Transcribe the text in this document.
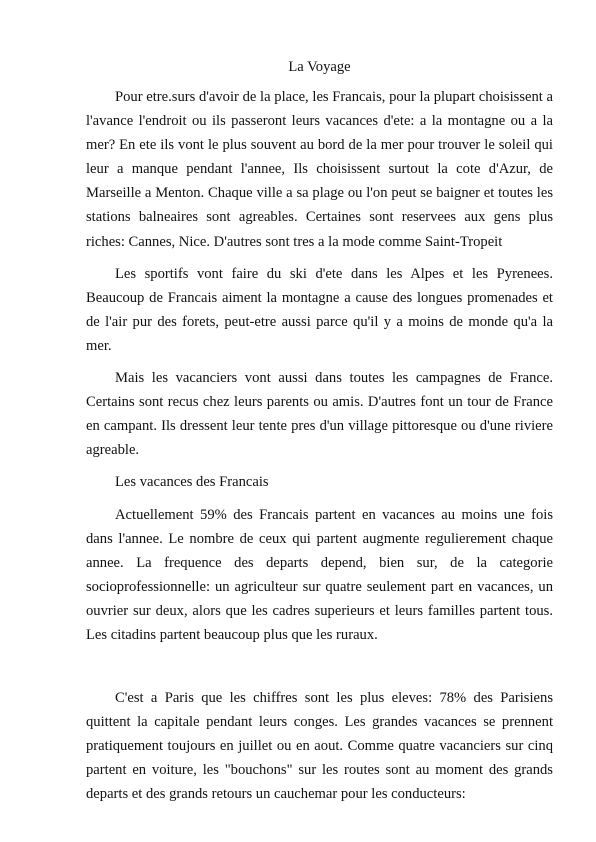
La Voyage

Pour etre.surs d'avoir de la place, les Francais, pour la plupart choisissent a l'avance l'endroit ou ils passeront leurs vacances d'ete: a la montagne ou a la mer? En ete ils vont le plus souvent au bord de la mer pour trouver le soleil qui leur a manque pendant l'annee, Ils choisissent surtout la cote d'Azur, de Marseille a Menton. Chaque ville a sa plage ou l'on peut se baigner et toutes les stations balneaires sont agreables. Certaines sont reservees aux gens plus riches: Cannes, Nice. D'autres sont tres a la mode comme Saint-Tropeit

Les sportifs vont faire du ski d'ete dans les Alpes et les Pyrenees. Beaucoup de Francais aiment la montagne a cause des longues promenades et de l'air pur des forets, peut-etre aussi parce qu'il y a moins de monde qu'a la mer.

Mais les vacanciers vont aussi dans toutes les campagnes de France. Certains sont recus chez leurs parents ou amis. D'autres font un tour de France en campant. Ils dressent leur tente pres d'un village pittoresque ou d'une riviere agreable.

Les vacances des Francais

Actuellement 59% des Francais partent en vacances au moins une fois dans l'annee. Le nombre de ceux qui partent augmente regulierement chaque annee. La frequence des departs depend, bien sur, de la categorie socioprofessionnelle: un agriculteur sur quatre seulement part en vacances, un ouvrier sur deux, alors que les cadres superieurs et leurs familles partent tous. Les citadins partent beaucoup plus que les ruraux.

C'est a Paris que les chiffres sont les plus eleves: 78% des Parisiens quittent la capitale pendant leurs conges. Les grandes vacances se prennent pratiquement toujours en juillet ou en aout. Comme quatre vacanciers sur cinq partent en voiture, les "bouchons" sur les routes sont au moment des grands departs et des grands retours un cauchemar pour les conducteurs:
